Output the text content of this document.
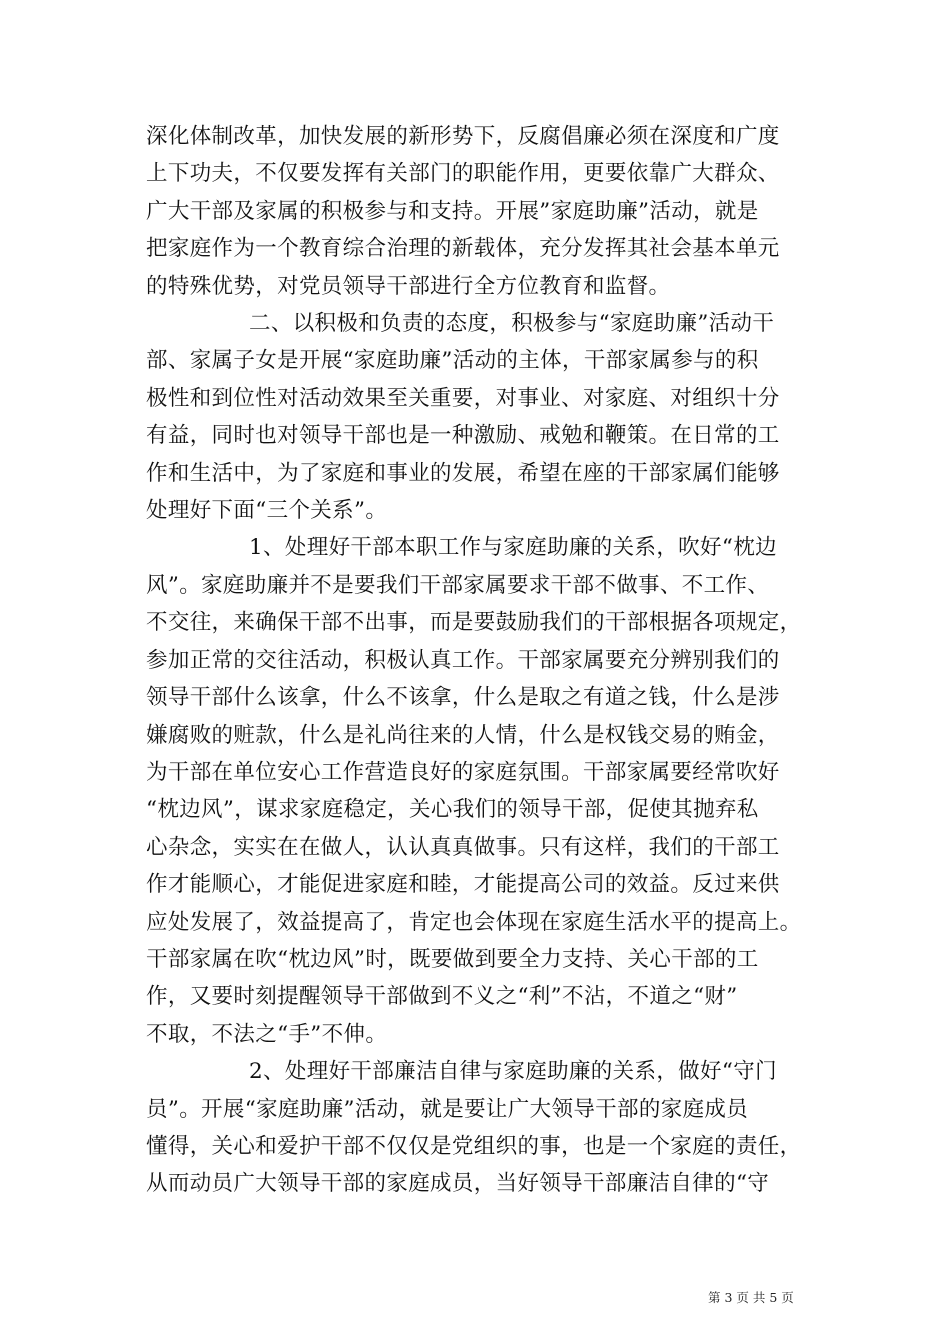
深化体制改革，加快发展的新形势下，反腐倡廉必须在深度和广度
上下功夫，不仅要发挥有关部门的职能作用，更要依靠广大群众、
广大干部及家属的积极参与和支持。开展”家庭助廉”活动，就是
把家庭作为一个教育综合治理的新载体，充分发挥其社会基本单元
的特殊优势，对党员领导干部进行全方位教育和监督。

二、以积极和负责的态度，积极参与“家庭助廉”活动干
部、家属子女是开展“家庭助廉”活动的主体，干部家属参与的积
极性和到位性对活动效果至关重要，对事业、对家庭、对组织十分
有益，同时也对领导干部也是一种激励、戒勉和鞭策。在日常的工
作和生活中，为了家庭和事业的发展，希望在座的干部家属们能够
处理好下面“三个关系”。

1、处理好干部本职工作与家庭助廉的关系，吹好“枕边
风”。家庭助廉并不是要我们干部家属要求干部不做事、不工作、
不交往，来确保干部不出事，而是要鼓励我们的干部根据各项规定，
参加正常的交往活动，积极认真工作。干部家属要充分辨别我们的
领导干部什么该拿，什么不该拿，什么是取之有道之钱，什么是涉
嫌腐败的赃款，什么是礼尚往来的人情，什么是权钱交易的贿金，
为干部在单位安心工作营造良好的家庭氛围。干部家属要经常吹好
“枕边风”，谋求家庭稳定，关心我们的领导干部，促使其抛弃私
心杂念，实实在在做人，认认真真做事。只有这样，我们的干部工
作才能顺心，才能促进家庭和睦，才能提高公司的效益。反过来供
应处发展了，效益提高了，肯定也会体现在家庭生活水平的提高上。
干部家属在吹“枕边风”时，既要做到要全力支持、关心干部的工
作，又要时刻提醒领导干部做到不义之“利”不沾，不道之“财”
不取，不法之“手”不伸。

2、处理好干部廉洁自律与家庭助廉的关系，做好“守门
员”。开展“家庭助廉”活动，就是要让广大领导干部的家庭成员
懂得，关心和爱护干部不仅仅是党组织的事，也是一个家庭的责任，
从而动员广大领导干部的家庭成员，当好领导干部廉洁自律的“守

第 3 页 共 5 页
